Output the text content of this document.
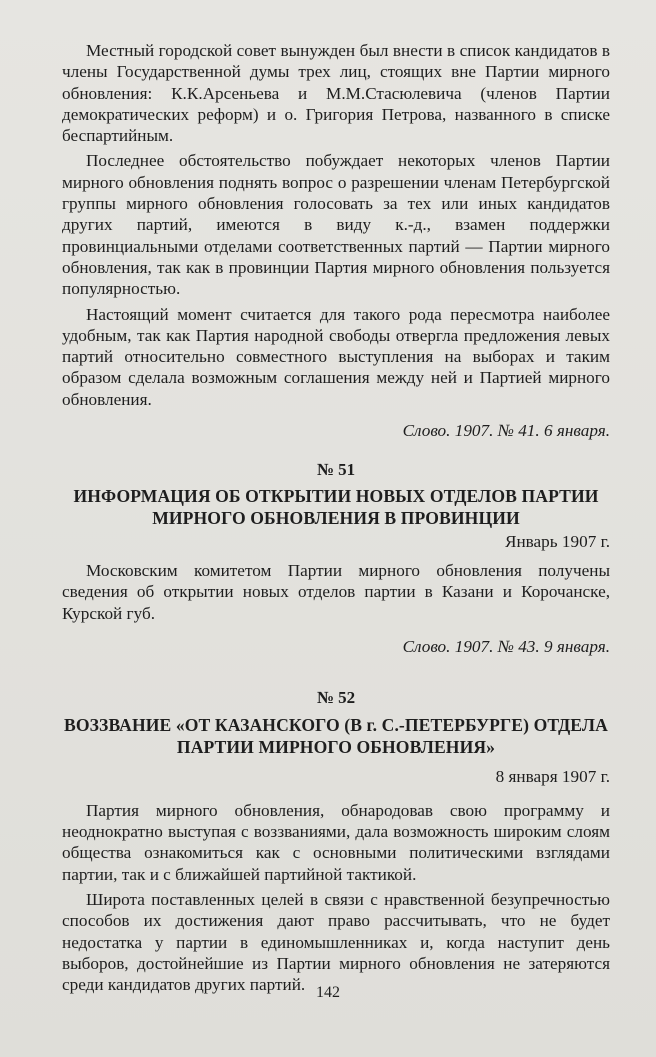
Местный городской совет вынужден был внести в список кандидатов в члены Государственной думы трех лиц, стоящих вне Партии мирного обновления: К.К.Арсеньева и М.М.Стасюлевича (членов Партии демократических реформ) и о. Григория Петрова, названного в списке беспартийным.

Последнее обстоятельство побуждает некоторых членов Партии мирного обновления поднять вопрос о разрешении членам Петербургской группы мирного обновления голосовать за тех или иных кандидатов других партий, имеются в виду к.-д., взамен поддержки провинциальными отделами соответственных партий — Партии мирного обновления, так как в провинции Партия мирного обновления пользуется популярностью.

Настоящий момент считается для такого рода пересмотра наиболее удобным, так как Партия народной свободы отвергла предложения левых партий относительно совместного выступления на выборах и таким образом сделала возможным соглашения между ней и Партией мирного обновления.

Слово. 1907. № 41. 6 января.
№ 51
ИНФОРМАЦИЯ ОБ ОТКРЫТИИ НОВЫХ ОТДЕЛОВ ПАРТИИ МИРНОГО ОБНОВЛЕНИЯ В ПРОВИНЦИИ
Январь 1907 г.

Московским комитетом Партии мирного обновления получены сведения об открытии новых отделов партии в Казани и Корочанске, Курской губ.

Слово. 1907. № 43. 9 января.
№ 52
ВОЗЗВАНИЕ «ОТ КАЗАНСКОГО (В г. С.-ПЕТЕРБУРГЕ) ОТДЕЛА ПАРТИИ МИРНОГО ОБНОВЛЕНИЯ»
8 января 1907 г.

Партия мирного обновления, обнародовав свою программу и неоднократно выступая с воззваниями, дала возможность широким слоям общества ознакомиться как с основными политическими взглядами партии, так и с ближайшей партийной тактикой.

Широта поставленных целей в связи с нравственной безупречностью способов их достижения дают право рассчитывать, что не будет недостатка у партии в единомышленниках и, когда наступит день выборов, достойнейшие из Партии мирного обновления не затеряются среди кандидатов других партий. 142
